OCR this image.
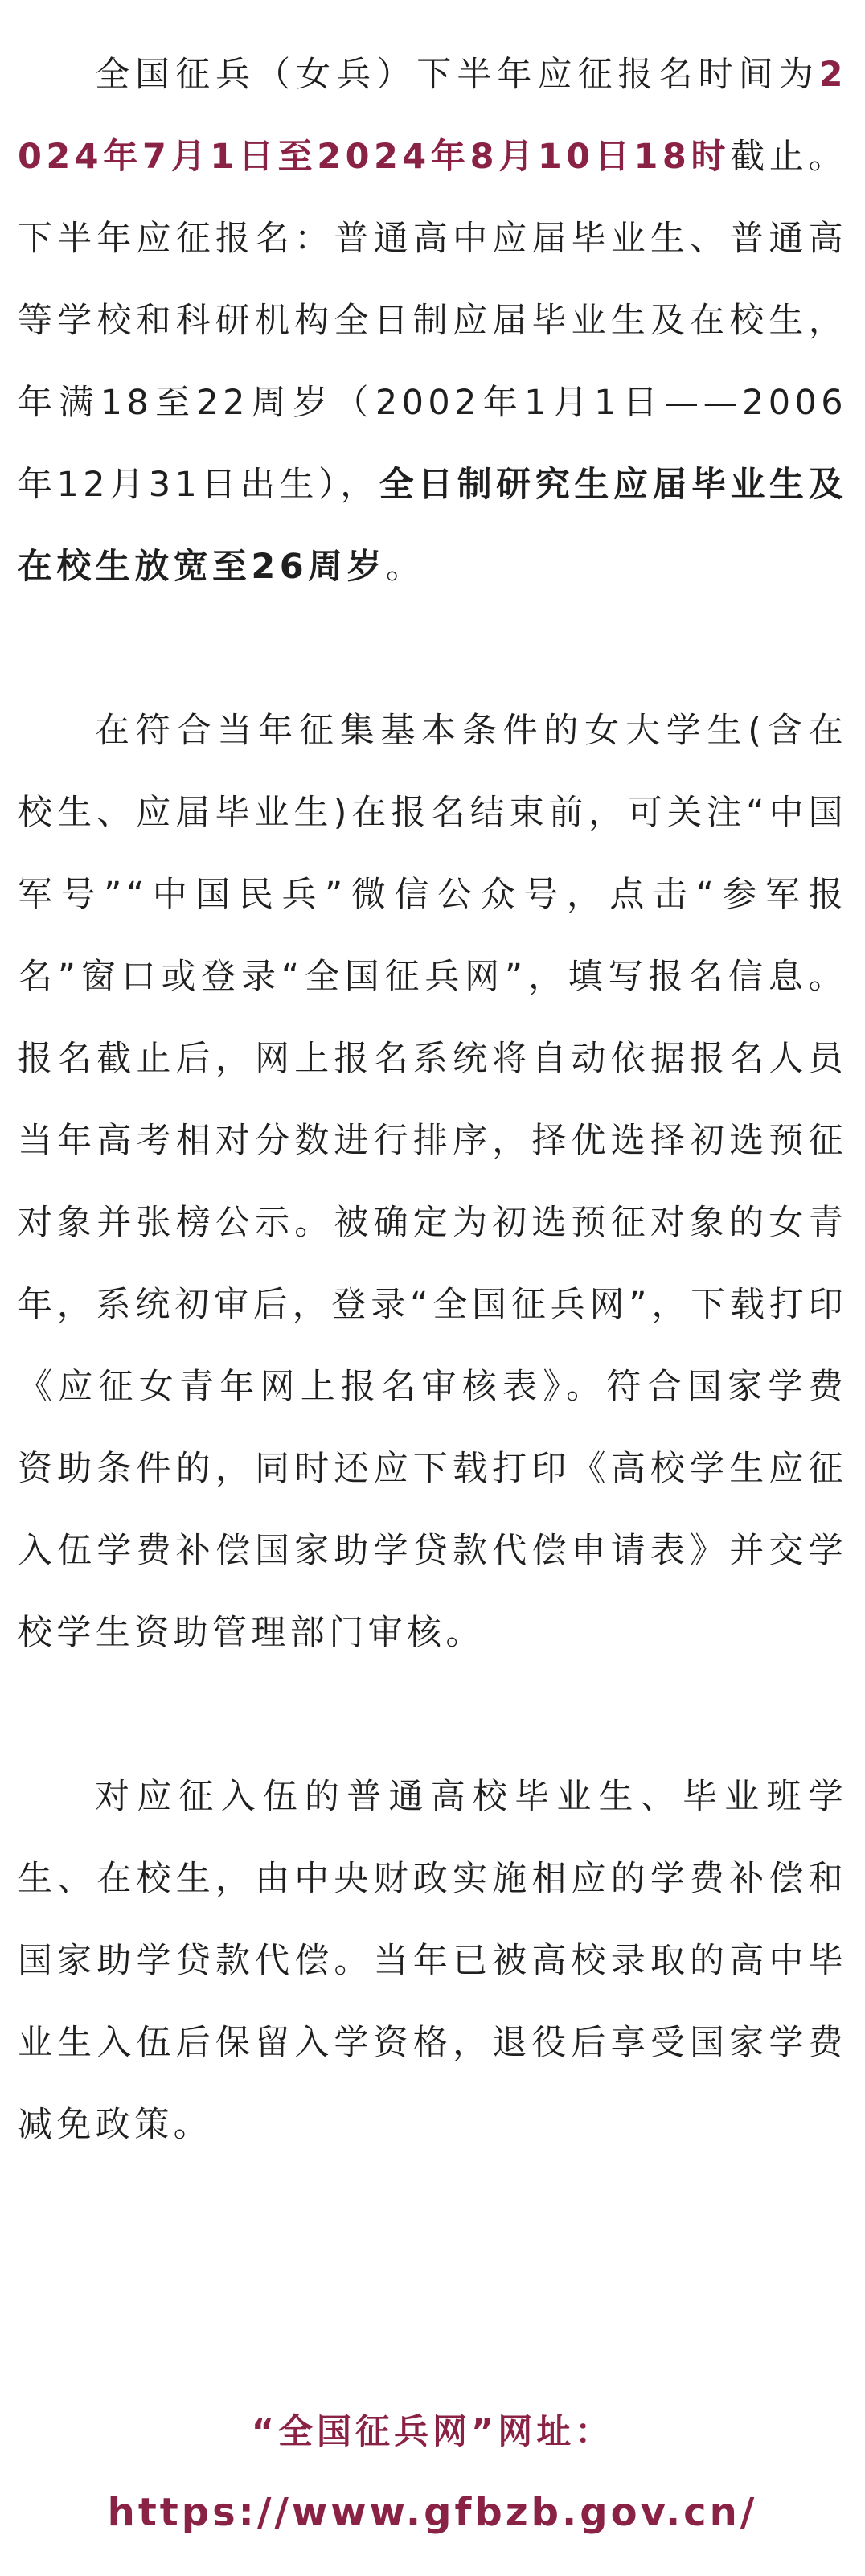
全国征兵（女兵）下半年应征报名时间为2024年7月1日至2024年8月10日18时截止。下半年应征报名：普通高中应届毕业生、普通高等学校和科研机构全日制应届毕业生及在校生，年满18至22周岁（2002年1月1日——2006年12月31日出生），全日制研究生应届毕业生及在校生放宽至26周岁。

在符合当年征集基本条件的女大学生(含在校生、应届毕业生)在报名结束前，可关注“中国军号”“中国民兵”微信公众号，点击“参军报名”窗口或登录“全国征兵网”，填写报名信息。报名截止后，网上报名系统将自动依据报名人员当年高考相对分数进行排序，择优选择初选预征对象并张榜公示。被确定为初选预征对象的女青年，系统初审后，登录“全国征兵网”，下载打印《应征女青年网上报名审核表》。符合国家学费资助条件的，同时还应下载打印《高校学生应征入伍学费补偿国家助学贷款代偿申请表》并交学校学生资助管理部门审核。

对应征入伍的普通高校毕业生、毕业班学生、在校生，由中央财政实施相应的学费补偿和国家助学贷款代偿。当年已被高校录取的高中毕业生入伍后保留入学资格，退役后享受国家学费减免政策。

“全国征兵网”网址：
https://www.gfbzb.gov.cn/
